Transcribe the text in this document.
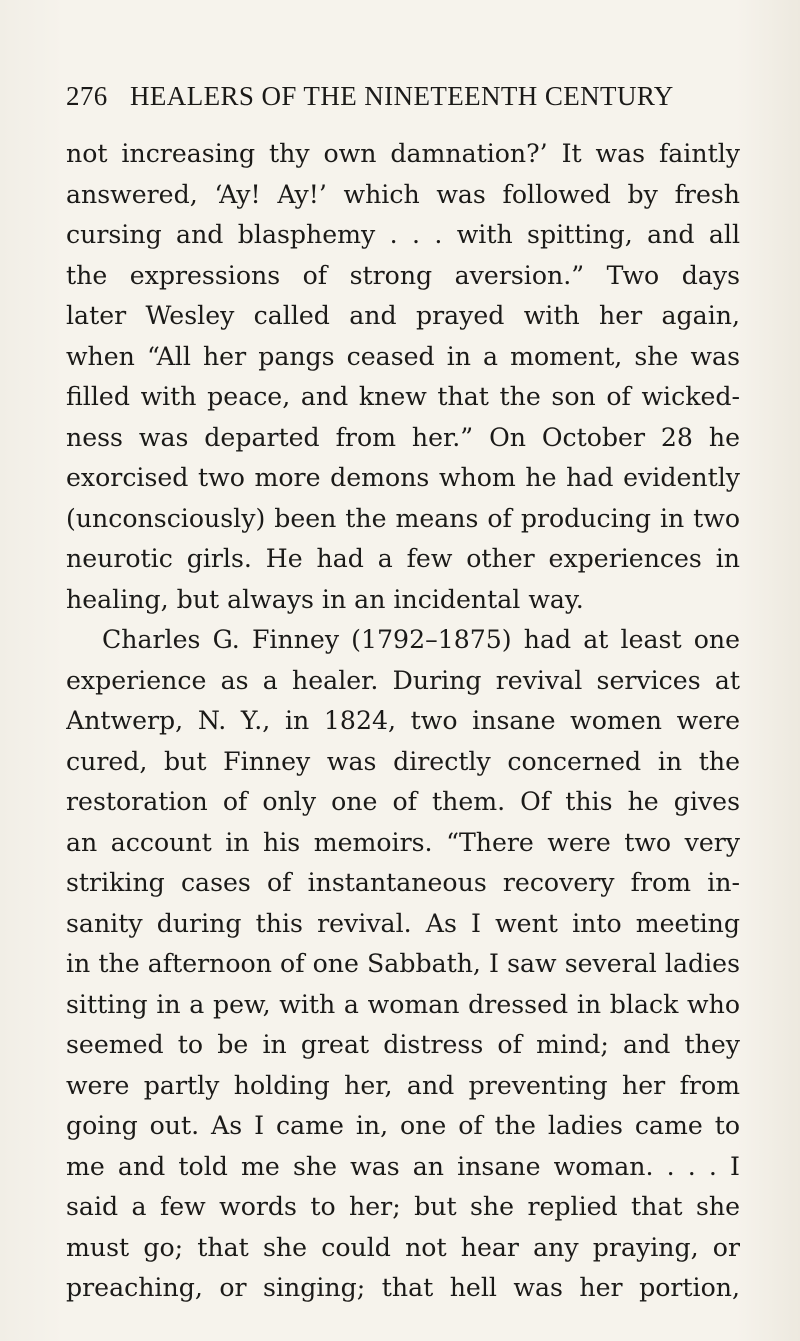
276 HEALERS OF THE NINETEENTH CENTURY
not increasing thy own damnation?’ It was faintly
answered, ‘Ay! Ay!’ which was followed by fresh
cursing and blasphemy . . . with spitting, and all
the expressions of strong aversion.” Two days
later Wesley called and prayed with her again,
when “All her pangs ceased in a moment, she was
filled with peace, and knew that the son of wicked-
ness was departed from her.” On October 28 he
exorcised two more demons whom he had evidently
(unconsciously) been the means of producing in two
neurotic girls. He had a few other experiences in
healing, but always in an incidental way.
Charles G. Finney (1792–1875) had at least one
experience as a healer. During revival services at
Antwerp, N. Y., in 1824, two insane women were
cured, but Finney was directly concerned in the
restoration of only one of them. Of this he gives
an account in his memoirs. “There were two very
striking cases of instantaneous recovery from in-
sanity during this revival. As I went into meeting
in the afternoon of one Sabbath, I saw several ladies
sitting in a pew, with a woman dressed in black who
seemed to be in great distress of mind; and they
were partly holding her, and preventing her from
going out. As I came in, one of the ladies came to
me and told me she was an insane woman. . . . I
said a few words to her; but she replied that she
must go; that she could not hear any praying, or
preaching, or singing; that hell was her portion,
